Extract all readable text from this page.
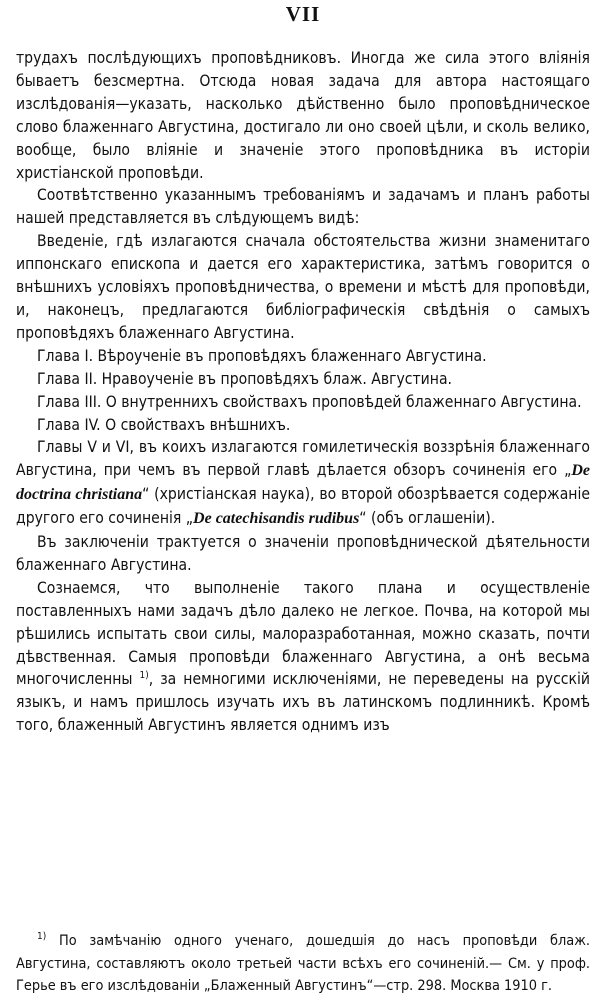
VII

трудахъ послѣдующихъ проповѣдниковъ. Иногда же сила этого вліянія бываетъ безсмертна. Отсюда новая задача для автора настоящаго изслѣдованія—указать, насколько дѣйственно было проповѣдническое слово блаженнаго Августина, достигало ли оно своей цѣли, и сколь велико, вообще, было вліяніе и значеніе этого проповѣдника въ исторіи христіанской проповѣди.

Соотвѣтственно указаннымъ требованіямъ и задачамъ и планъ работы нашей представляется въ слѣдующемъ видѣ:

Введеніе, гдѣ излагаются сначала обстоятельства жизни знаменитаго иппонскаго епископа и дается его характеристика, затѣмъ говорится о внѣшнихъ условіяхъ проповѣдничества, о времени и мѣстѣ для проповѣди, и, наконецъ, предлагаются библіографическія свѣдѣнія о самыхъ проповѣдяхъ блаженнаго Августина.

Глава I. Вѣроученіе въ проповѣдяхъ блаженнаго Августина.

Глава II. Нравоученіе въ проповѣдяхъ блаж. Августина.

Глава III. О внутреннихъ свойствахъ проповѣдей блаженнаго Августина.

Глава IV. О свойствахъ внѣшнихъ.

Главы V и VI, въ коихъ излагаются гомилетическія воззрѣнія блаженнаго Августина, при чемъ въ первой главѣ дѣлается обзоръ сочиненія его „De doctrina christiana“ (христіанская наука), во второй обозрѣвается содержаніе другого его сочиненія „De catechisandis rudibus“ (объ оглашеніи).

Въ заключеніи трактуется о значеніи проповѣднической дѣятельности блаженнаго Августина.

Сознаемся, что выполненіе такого плана и осуществленіе поставленныхъ нами задачъ дѣло далеко не легкое. Почва, на которой мы рѣшились испытать свои силы, малоразработанная, можно сказать, почти дѣвственная. Самыя проповѣди блаженнаго Августина, а онѣ весьма многочисленны $^{1)}$, за немногими исключеніями, не переведены на русскій языкъ, и намъ пришлось изучать ихъ въ латинскомъ подлинникѣ. Кромѣ того, блаженный Августинъ является однимъ изъ

$^{1)}$ По замѣчанію одного ученаго, дошедшія до насъ проповѣди блаж. Августина, составляютъ около третьей части всѣхъ его сочиненій.— См. у проф. Герье въ его изслѣдованіи „Блаженный Августинъ“—стр. 298. Москва 1910 г.
